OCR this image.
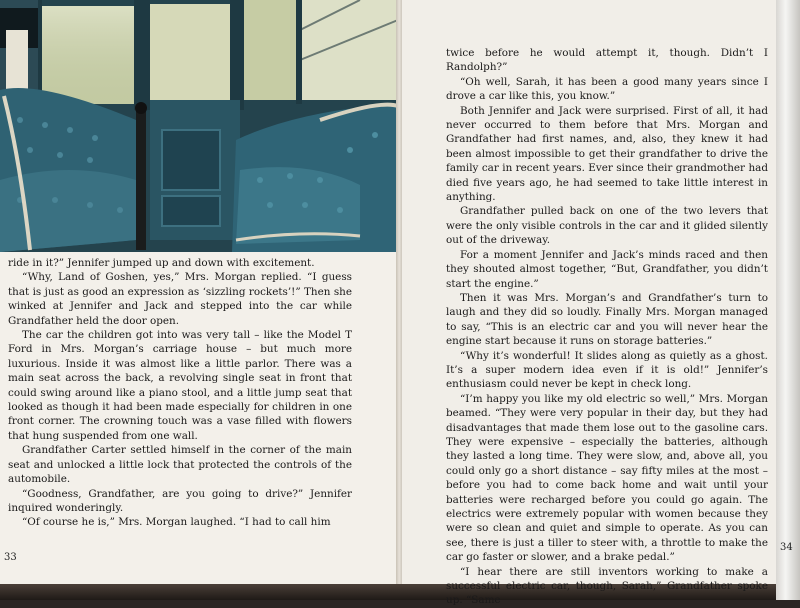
ride in it?” Jennifer jumped up and down with excitement.

“Why, Land of Goshen, yes,” Mrs. Morgan replied. “I guess that is just as good an expression as ‘sizzling rockets’!” Then she winked at Jennifer and Jack and stepped into the car while Grandfather held the door open.

The car the children got into was very tall – like the Model T Ford in Mrs. Morgan’s carriage house – but much more luxurious. Inside it was almost like a little parlor. There was a main seat across the back, a revolving single seat in front that could swing around like a piano stool, and a little jump seat that looked as though it had been made especially for children in one front corner. The crowning touch was a vase filled with flowers that hung suspended from one wall.

Grandfather Carter settled himself in the corner of the main seat and unlocked a little lock that protected the controls of the automobile.

“Goodness, Grandfather, are you going to drive?” Jennifer inquired wonderingly.

“Of course he is,” Mrs. Morgan laughed. “I had to call him

twice before he would attempt it, though. Didn’t I Randolph?”

“Oh well, Sarah, it has been a good many years since I drove a car like this, you know.”

Both Jennifer and Jack were surprised. First of all, it had never occurred to them before that Mrs. Morgan and Grandfather had first names, and, also, they knew it had been almost impossible to get their grandfather to drive the family car in recent years. Ever since their grandmother had died five years ago, he had seemed to take little interest in anything.

Grandfather pulled back on one of the two levers that were the only visible controls in the car and it glided silently out of the driveway.

For a moment Jennifer and Jack’s minds raced and then they shouted almost together, “But, Grandfather, you didn’t start the engine.”

Then it was Mrs. Morgan’s and Grandfather’s turn to laugh and they did so loudly. Finally Mrs. Morgan managed to say, “This is an electric car and you will never hear the engine start because it runs on storage batteries.”

“Why it’s wonderful! It slides along as quietly as a ghost. It’s a super modern idea even if it is old!” Jennifer’s enthusiasm could never be kept in check long.

“I’m happy you like my old electric so well,” Mrs. Morgan beamed. “They were very popular in their day, but they had disadvantages that made them lose out to the gasoline cars. They were expensive – especially the batteries, although they lasted a long time. They were slow, and, above all, you could only go a short distance – say fifty miles at the most – before you had to come back home and wait until your batteries were recharged before you could go again. The electrics were extremely popular with women because they were so clean and quiet and simple to operate. As you can see, there is just a tiller to steer with, a throttle to make the car go faster or slower, and a brake pedal.”

“I hear there are still inventors working to make a successful electric car, though, Sarah,” Grandfather spoke up. “Same

33
34
